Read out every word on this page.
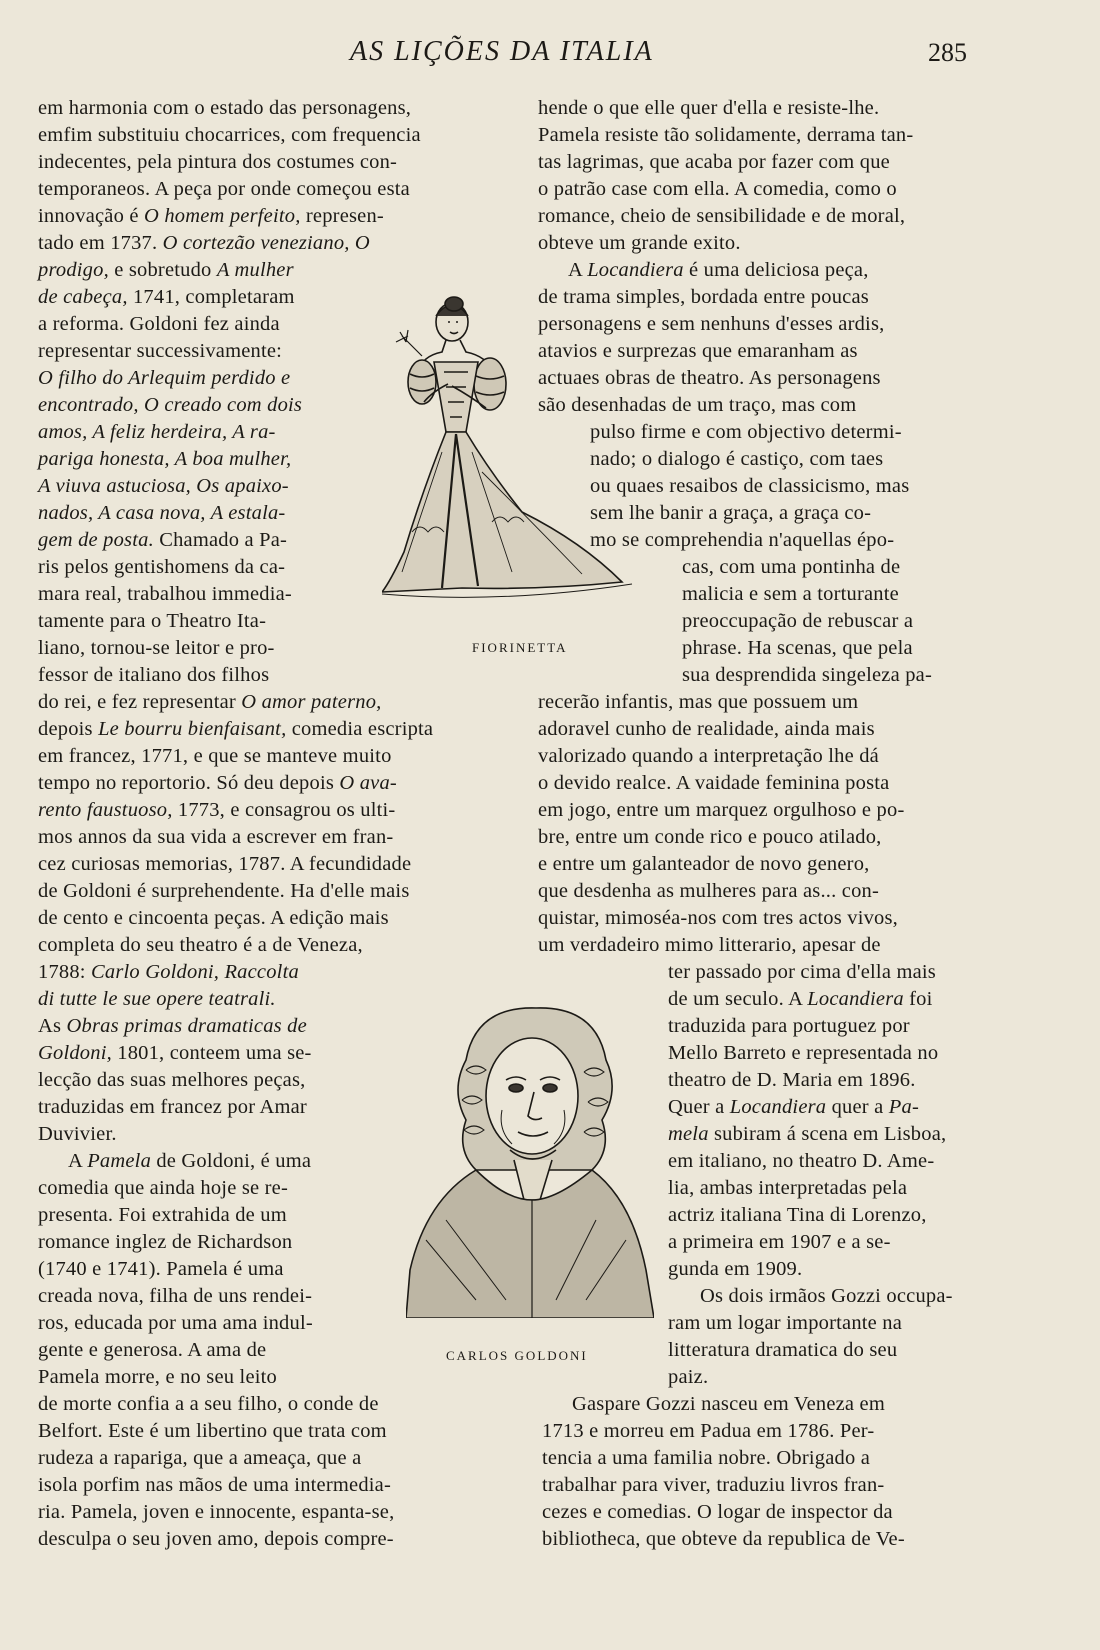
AS LIÇÕES DA ITALIA	285
em harmonia com o estado das personagens,
emfim substituiu chocarrices, com frequencia
indecentes, pela pintura dos costumes con-
temporaneos. A peça por onde começou esta
innovação é O homem perfeito, represen-
tado em 1737. O cortezão veneziano, O
prodigo, e sobretudo A mulher
de cabeça, 1741, completaram
a reforma. Goldoni fez ainda
representar successivamente:
O filho do Arlequim perdido e
encontrado, O creado com dois
amos, A feliz herdeira, A ra-
pariga honesta, A boa mulher,
A viuva astuciosa, Os apaixo-
nados, A casa nova, A estala-
gem de posta. Chamado a Pa-
ris pelos gentishomens da ca-
mara real, trabalhou immedia-
tamente para o Theatro Ita-
liano, tornou-se leitor e pro-
fessor de italiano dos filhos
do rei, e fez representar O amor paterno,
depois Le bourru bienfaisant, comedia escripta
em francez, 1771, e que se manteve muito
tempo no reportorio. Só deu depois O ava-
rento faustuoso, 1773, e consagrou os ulti-
mos annos da sua vida a escrever em fran-
cez curiosas memorias, 1787. A fecundidade
de Goldoni é surprehendente. Ha d'elle mais
de cento e cincoenta peças. A edição mais
completa do seu theatro é a de Veneza,
1788: Carlo Goldoni, Raccolta
di tutte le sue opere teatrali.
As Obras primas dramaticas de
Goldoni, 1801, conteem uma se-
lecção das suas melhores peças,
traduzidas em francez por Amar
Duvivier.
A Pamela de Goldoni, é uma
comedia que ainda hoje se re-
presenta. Foi extrahida de um
romance inglez de Richardson
(1740 e 1741). Pamela é uma
creada nova, filha de uns rendei-
ros, educada por uma ama indul-
gente e generosa. A ama de
Pamela morre, e no seu leito
de morte confia a a seu filho, o conde de
Belfort. Este é um libertino que trata com
rudeza a rapariga, que a ameaça, que a
isola porfim nas mãos de uma intermedia-
ria. Pamela, joven e innocente, espanta-se,
desculpa o seu joven amo, depois compre-
hende o que elle quer d'ella e resiste-lhe.
Pamela resiste tão solidamente, derrama tan-
tas lagrimas, que acaba por fazer com que
o patrão case com ella. A comedia, como o
romance, cheio de sensibilidade e de moral,
obteve um grande exito.
A Locandiera é uma deliciosa peça,
de trama simples, bordada entre poucas
personagens e sem nenhuns d'esses ardis,
atavios e surprezas que emaranham as
actuaes obras de theatro. As personagens
são desenhadas de um traço, mas com
pulso firme e com objectivo determi-
nado; o dialogo é castiço, com taes
ou quaes resaibos de classicismo, mas
sem lhe banir a graça, a graça co-
mo se comprehendia n'aquellas épo-
cas, com uma pontinha de
malicia e sem a torturante
preoccupação de rebuscar a
phrase. Ha scenas, que pela
sua desprendida singeleza pa-
recerão infantis, mas que possuem um
adoravel cunho de realidade, ainda mais
valorizado quando a interpretação lhe dá
o devido realce. A vaidade feminina posta
em jogo, entre um marquez orgulhoso e po-
bre, entre um conde rico e pouco atilado,
e entre um galanteador de novo genero,
que desdenha as mulheres para as... con-
quistar, mimoséa-nos com tres actos vivos,
um verdadeiro mimo litterario, apesar de
ter passado por cima d'ella mais
de um seculo. A Locandiera foi
traduzida para portuguez por
Mello Barreto e representada no
theatro de D. Maria em 1896.
Quer a Locandiera quer a Pa-
mela subiram á scena em Lisboa,
em italiano, no theatro D. Ame-
lia, ambas interpretadas pela
actriz italiana Tina di Lorenzo,
a primeira em 1907 e a se-
gunda em 1909.
Os dois irmãos Gozzi occupa-
ram um logar importante na
litteratura dramatica do seu
paiz.
Gaspare Gozzi nasceu em Veneza em
1713 e morreu em Padua em 1786. Per-
tencia a uma familia nobre. Obrigado a
trabalhar para viver, traduziu livros fran-
cezes e comedias. O logar de inspector da
bibliotheca, que obteve da republica de Ve-
FIORINETTA
CARLOS GOLDONI
